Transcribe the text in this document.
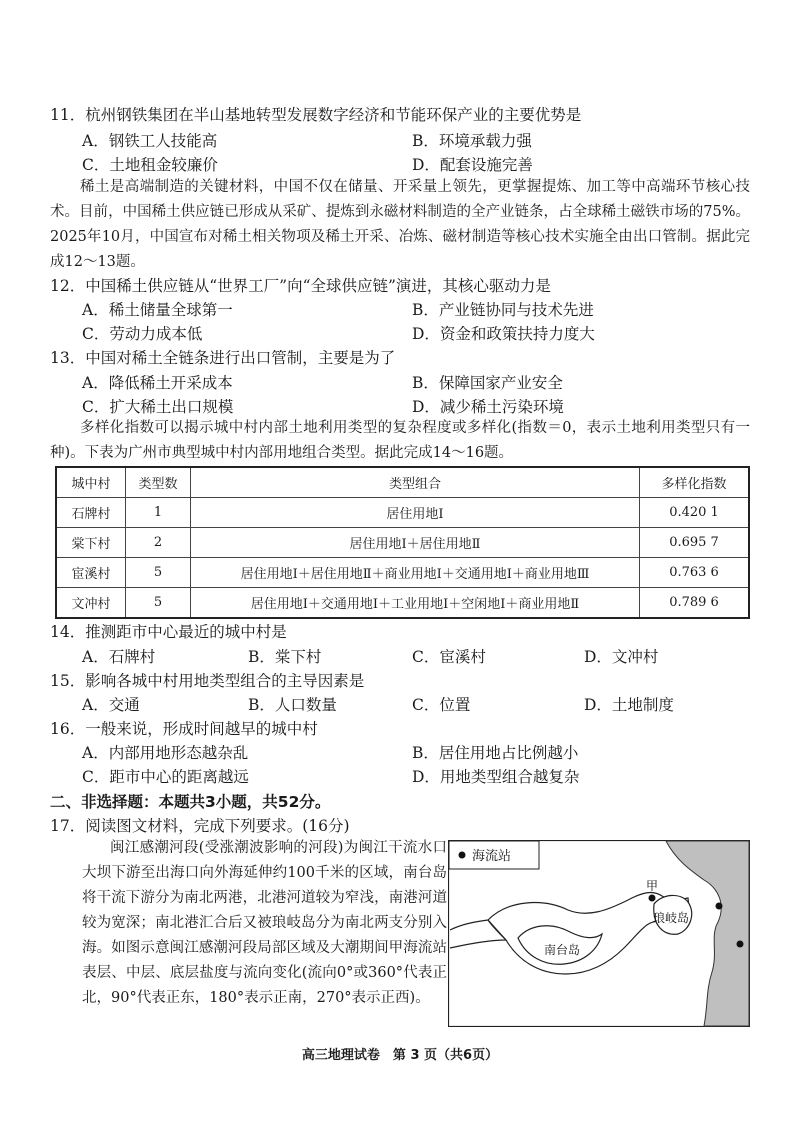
11．杭州钢铁集团在半山基地转型发展数字经济和节能环保产业的主要优势是
A．钢铁工人技能高	B．环境承载力强
C．土地租金较廉价	D．配套设施完善
稀土是高端制造的关键材料，中国不仅在储量、开采量上领先，更掌握提炼、加工等中高端环节核心技术。目前，中国稀土供应链已形成从采矿、提炼到永磁材料制造的全产业链条，占全球稀土磁铁市场的75%。2025年10月，中国宣布对稀土相关物项及稀土开采、冶炼、磁材制造等核心技术实施全由出口管制。据此完成12～13题。
12．中国稀土供应链从“世界工厂”向“全球供应链”演进，其核心驱动力是
A．稀土储量全球第一	B．产业链协同与技术先进
C．劳动力成本低	D．资金和政策扶持力度大
13．中国对稀土全链条进行出口管制，主要是为了
A．降低稀土开采成本	B．保障国家产业安全
C．扩大稀土出口规模	D．减少稀土污染环境
多样化指数可以揭示城中村内部土地利用类型的复杂程度或多样化(指数＝0，表示土地利用类型只有一种)。下表为广州市典型城中村内部用地组合类型。据此完成14～16题。
城中村	类型数	类型组合	多样化指数
石牌村	1	居住用地Ⅰ	0.420 1
棠下村	2	居住用地Ⅰ＋居住用地Ⅱ	0.695 7
宦溪村	5	居住用地Ⅰ＋居住用地Ⅱ＋商业用地Ⅰ＋交通用地Ⅰ＋商业用地Ⅲ	0.763 6
文冲村	5	居住用地Ⅰ＋交通用地Ⅰ＋工业用地Ⅰ＋空闲地Ⅰ＋商业用地Ⅱ	0.789 6
14．推测距市中心最近的城中村是
A．石牌村	B．棠下村	C．宦溪村	D．文冲村
15．影响各城中村用地类型组合的主导因素是
A．交通	B．人口数量	C．位置	D．土地制度
16．一般来说，形成时间越早的城中村
A．内部用地形态越杂乱	B．居住用地占比例越小
C．距市中心的距离越远	D．用地类型组合越复杂
二、非选择题：本题共3小题，共52分。
17．阅读图文材料，完成下列要求。(16分)
闽江感潮河段(受涨潮波影响的河段)为闽江干流水口大坝下游至出海口向外海延伸约100千米的区域，南台岛将干流下游分为南北两港，北港河道较为窄浅，南港河道较为宽深；南北港汇合后又被琅岐岛分为南北两支分别入海。如图示意闽江感潮河段局部区域及大潮期间甲海流站表层、中层、底层盐度与流向变化(流向0°或360°代表正北，90°代表正东，180°表示正南，270°表示正西)。
海流站
南台岛
琅岐岛
甲
高三地理试卷　第 3 页（共6页）
